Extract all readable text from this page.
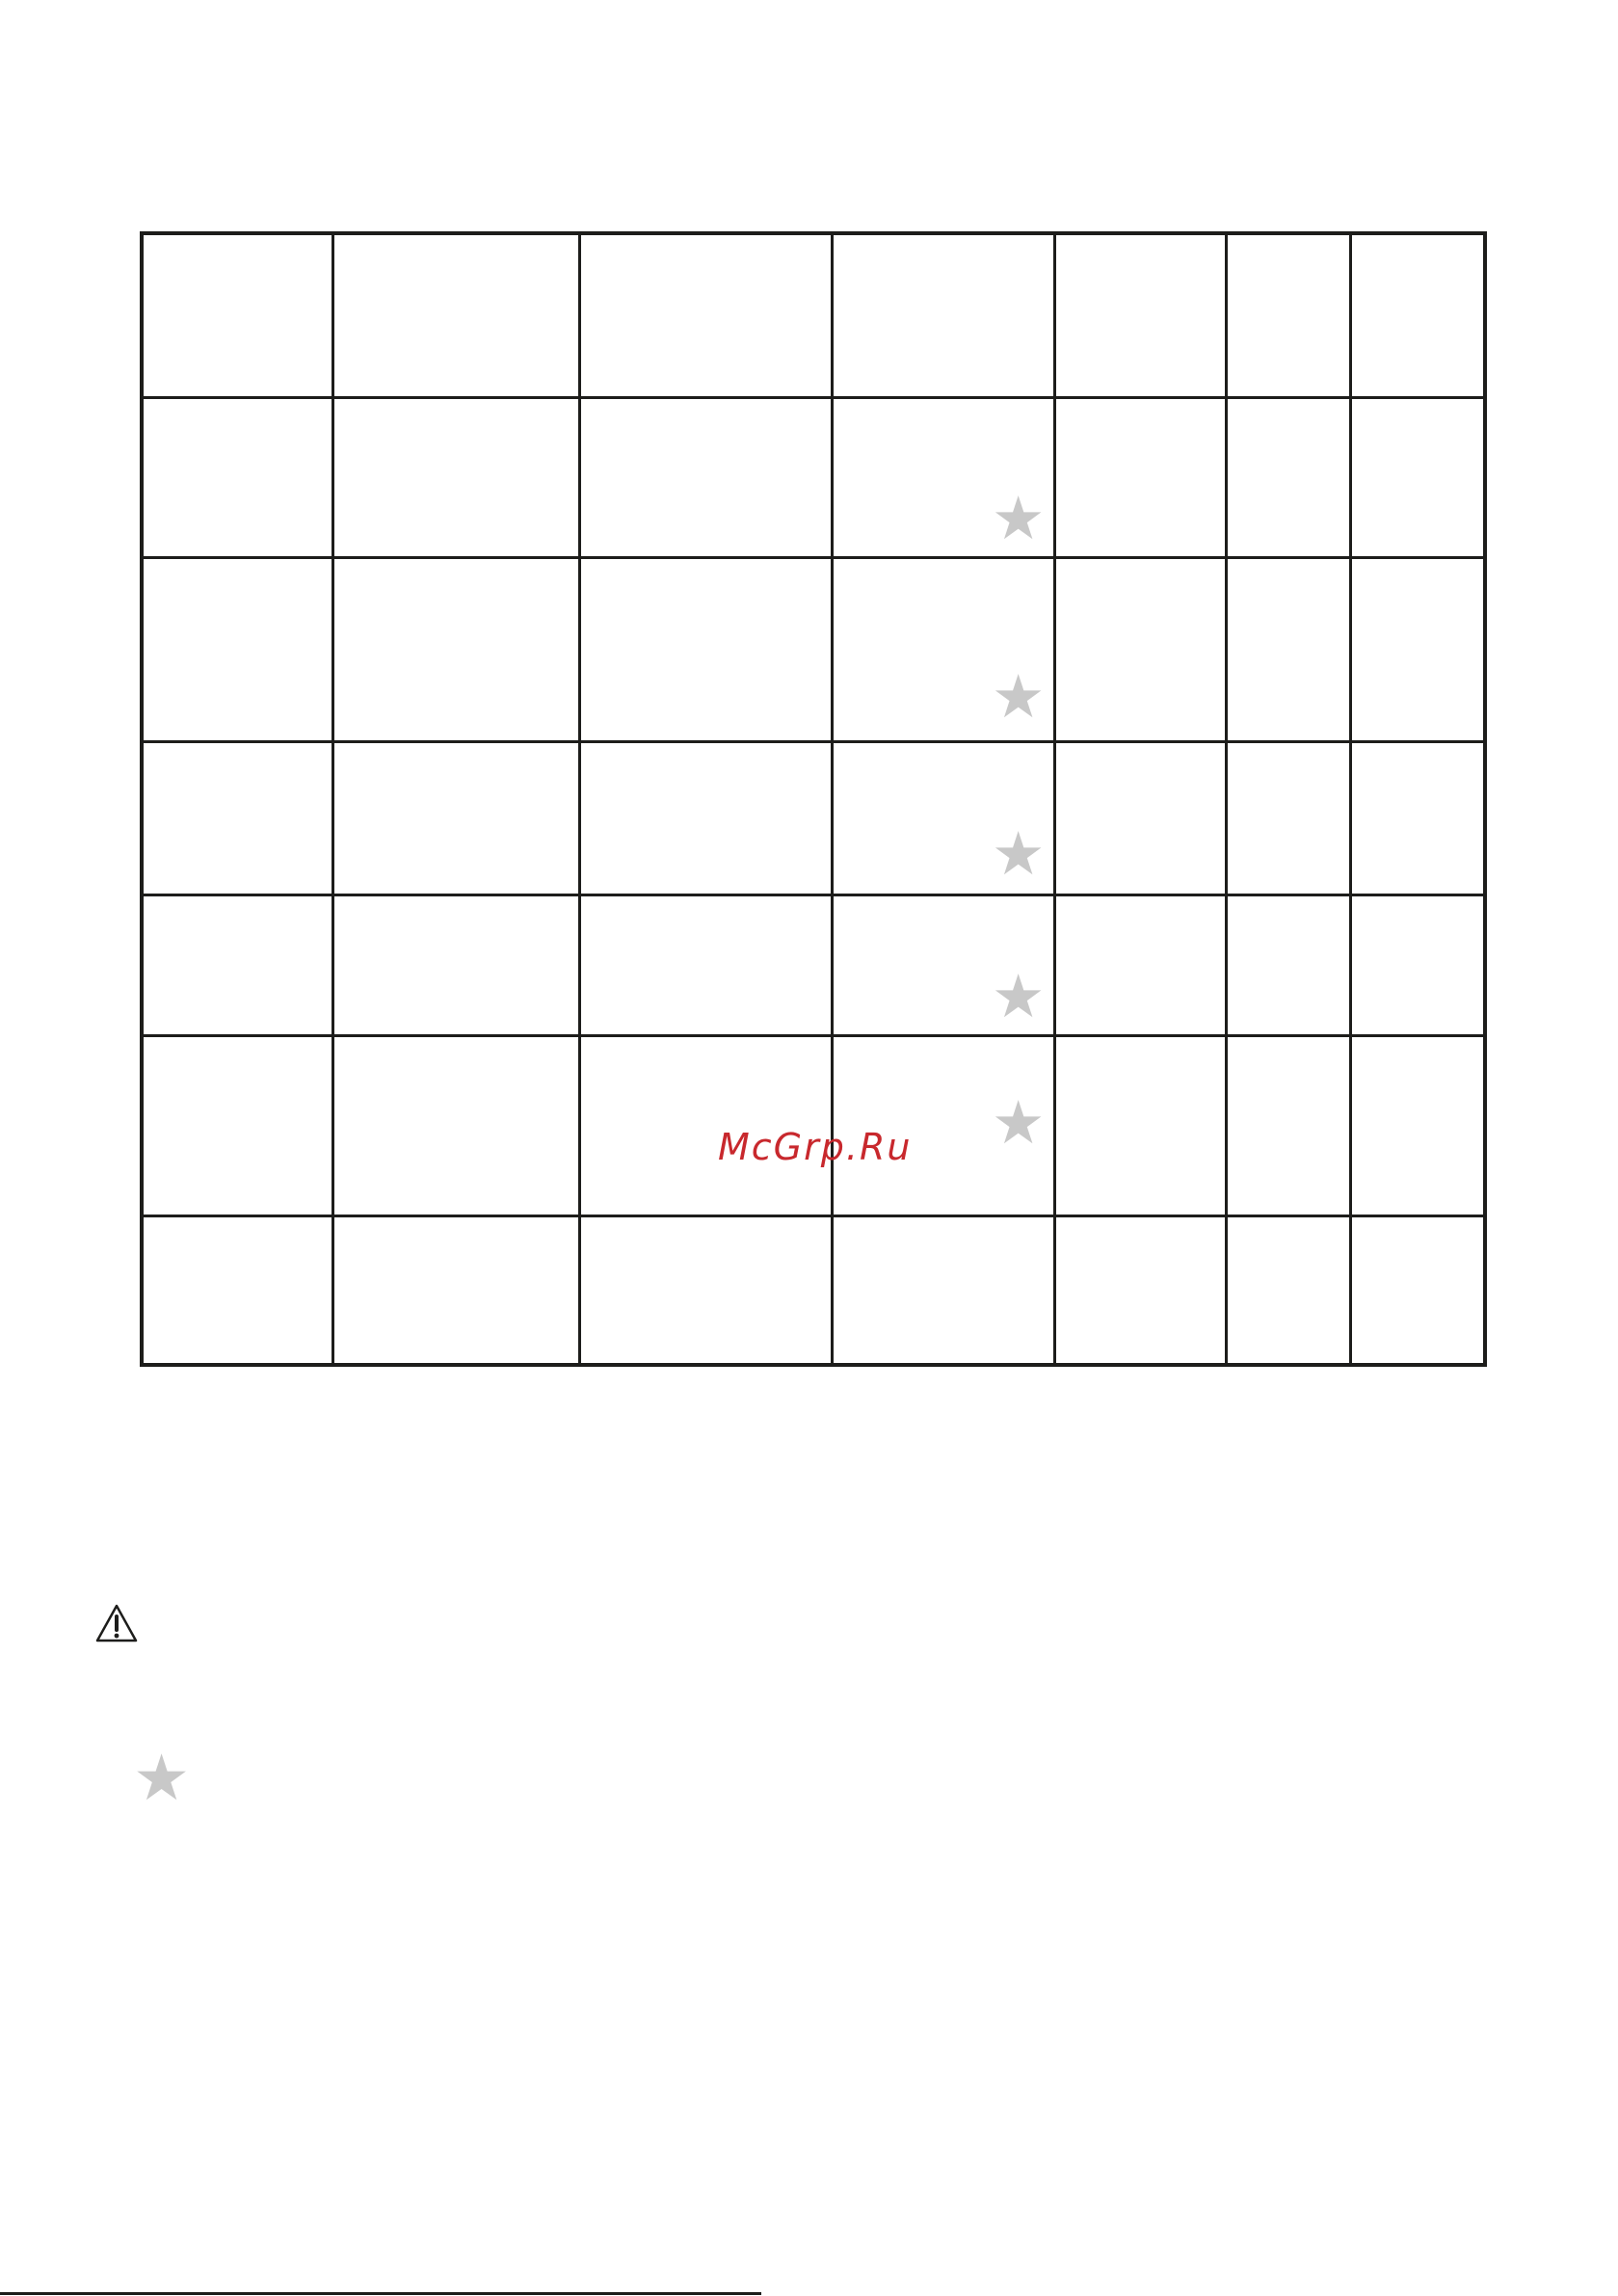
			★			

			★			

			★			

			★			

			★			

McGrp.Ru
★
